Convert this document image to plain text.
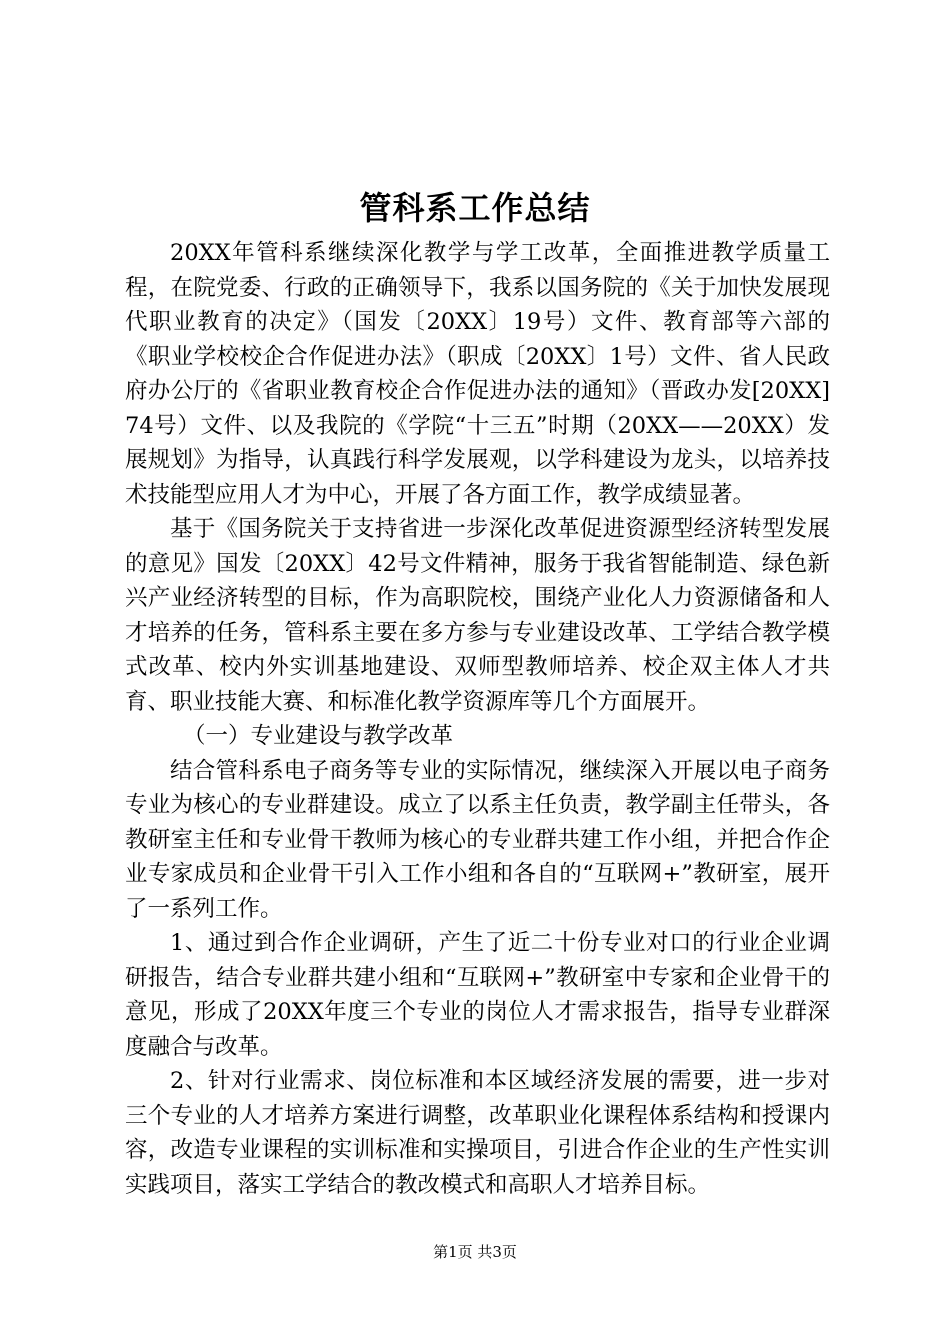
管科系工作总结

20XX年管科系继续深化教学与学工改革，全面推进教学质量工程，在院党委、行政的正确领导下，我系以国务院的《关于加快发展现代职业教育的决定》（国发〔20XX〕19号）文件、教育部等六部的《职业学校校企合作促进办法》（职成〔20XX〕1号）文件、省人民政府办公厅的《省职业教育校企合作促进办法的通知》（晋政办发[20XX]74号）文件、以及我院的《学院“十三五”时期（20XX——20XX）发展规划》为指导，认真践行科学发展观，以学科建设为龙头，以培养技术技能型应用人才为中心，开展了各方面工作，教学成绩显著。

基于《国务院关于支持省进一步深化改革促进资源型经济转型发展的意见》国发〔20XX〕42号文件精神，服务于我省智能制造、绿色新兴产业经济转型的目标，作为高职院校，围绕产业化人力资源储备和人才培养的任务，管科系主要在多方参与专业建设改革、工学结合教学模式改革、校内外实训基地建设、双师型教师培养、校企双主体人才共育、职业技能大赛、和标准化教学资源库等几个方面展开。

（一）专业建设与教学改革

结合管科系电子商务等专业的实际情况，继续深入开展以电子商务专业为核心的专业群建设。成立了以系主任负责，教学副主任带头，各教研室主任和专业骨干教师为核心的专业群共建工作小组，并把合作企业专家成员和企业骨干引入工作小组和各自的“互联网+”教研室，展开了一系列工作。

1、通过到合作企业调研，产生了近二十份专业对口的行业企业调研报告，结合专业群共建小组和“互联网+”教研室中专家和企业骨干的意见，形成了20XX年度三个专业的岗位人才需求报告，指导专业群深度融合与改革。

2、针对行业需求、岗位标准和本区域经济发展的需要，进一步对三个专业的人才培养方案进行调整，改革职业化课程体系结构和授课内容，改造专业课程的实训标准和实操项目，引进合作企业的生产性实训实践项目，落实工学结合的教改模式和高职人才培养目标。

第1页 共3页
